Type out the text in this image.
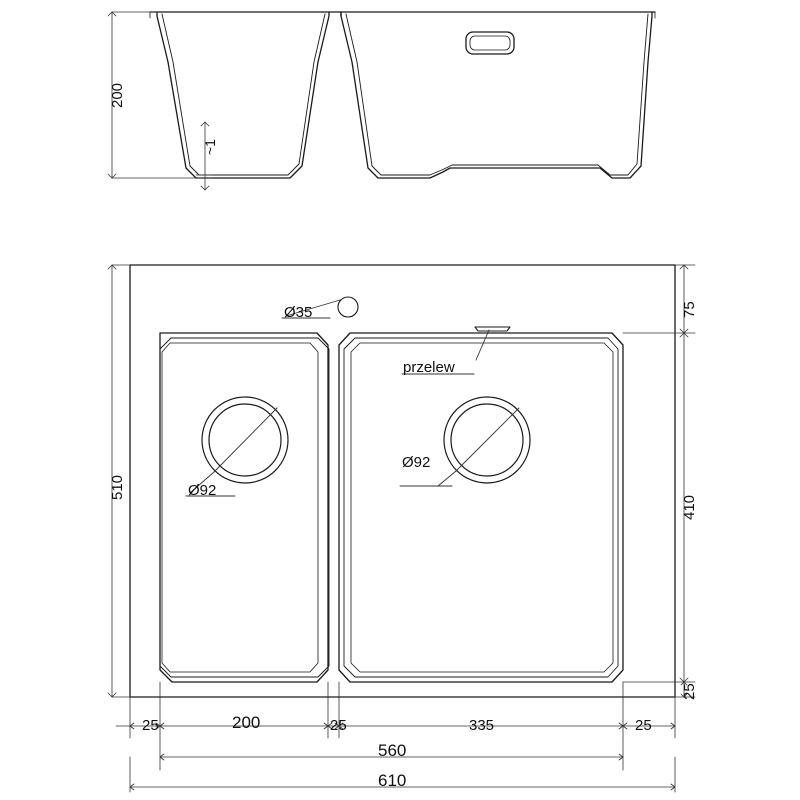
200
~1
Ø35
Ø92
Ø92
przelew
510
75
410
25
25	200	25	335	25
560
610
